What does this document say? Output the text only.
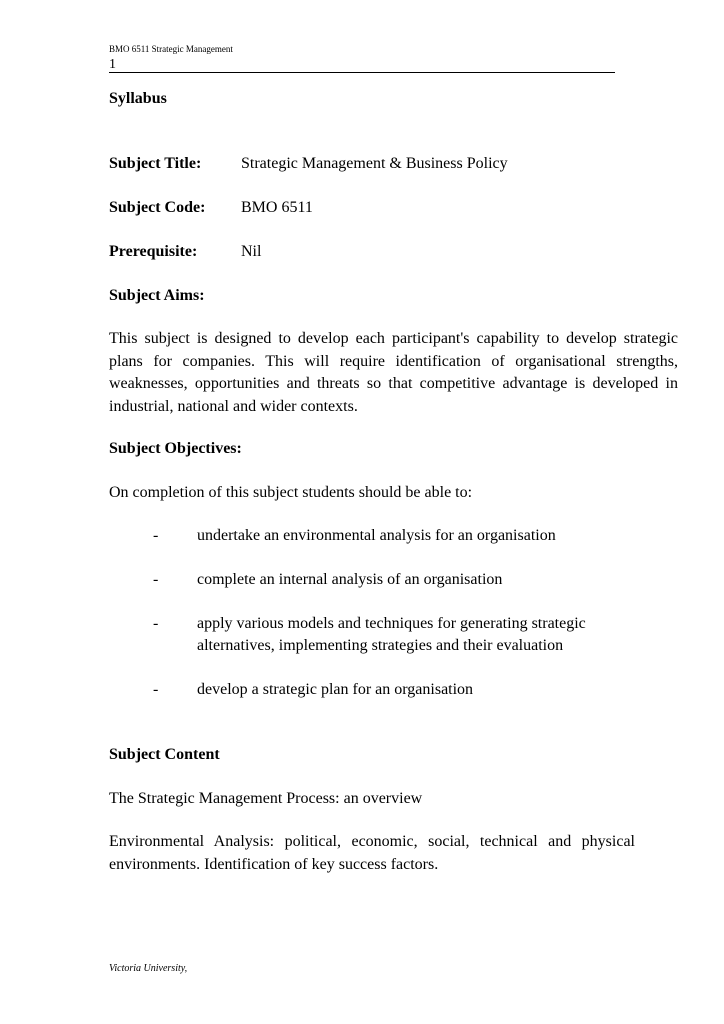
BMO 6511 Strategic Management
1
Syllabus
Subject Title: Strategic Management & Business Policy
Subject Code: BMO 6511
Prerequisite:	Nil
Subject Aims:
This subject is designed to develop each participant's capability to develop strategic plans for companies. This will require identification of organisational strengths, weaknesses, opportunities and threats so that competitive advantage is developed in industrial, national and wider contexts.
Subject Objectives:
On completion of this subject students should be able to:
- undertake an environmental analysis for an organisation
- complete an internal analysis of an organisation
- apply various models and techniques for generating strategic alternatives, implementing strategies and their evaluation
- develop a strategic plan for an organisation
Subject Content
The Strategic Management Process: an overview
Environmental Analysis: political, economic, social, technical and physical environments. Identification of key success factors.
Victoria University,
